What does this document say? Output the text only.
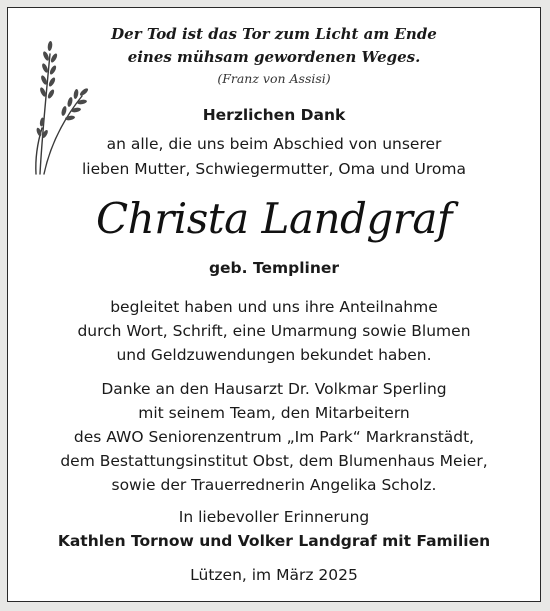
Der Tod ist das Tor zum Licht am Ende
eines mühsam gewordenen Weges.
(Franz von Assisi)
Herzlichen Dank
an alle, die uns beim Abschied von unserer
lieben Mutter, Schwiegermutter, Oma und Uroma
Christa Landgraf
geb. Templiner
begleitet haben und uns ihre Anteilnahme
durch Wort, Schrift, eine Umarmung sowie Blumen
und Geldzuwendungen bekundet haben.
Danke an den Hausarzt Dr. Volkmar Sperling
mit seinem Team, den Mitarbeitern
des AWO Seniorenzentrum „Im Park“ Markranstädt,
dem Bestattungsinstitut Obst, dem Blumenhaus Meier,
sowie der Trauerrednerin Angelika Scholz.
In liebevoller Erinnerung
Kathlen Tornow und Volker Landgraf mit Familien
Lützen, im März 2025
